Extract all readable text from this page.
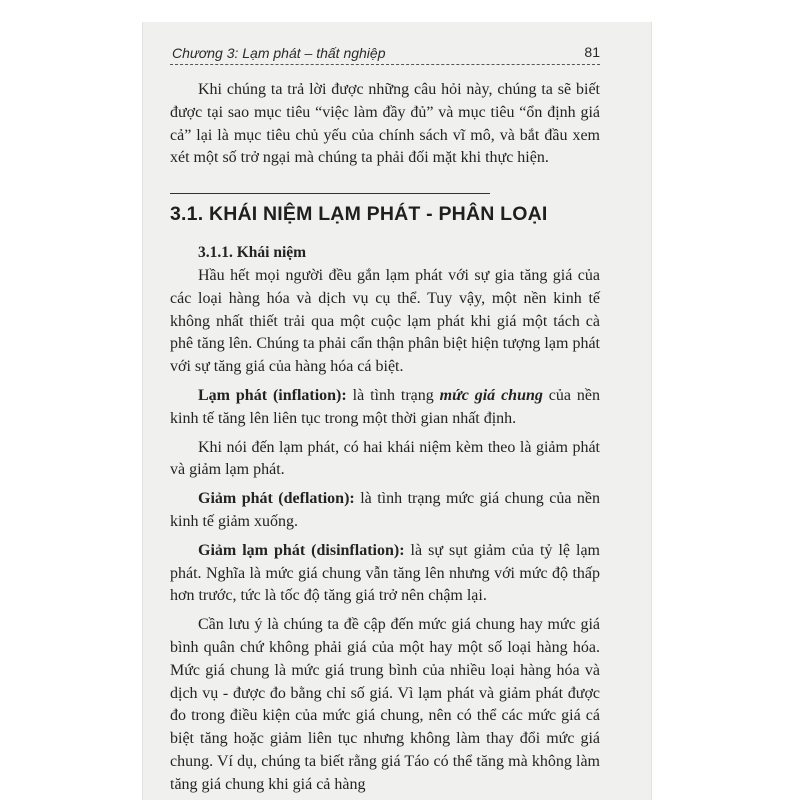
Chương 3: Lạm phát – thất nghiệp	81

Khi chúng ta trả lời được những câu hỏi này, chúng ta sẽ biết được tại sao mục tiêu “việc làm đầy đủ” và mục tiêu “ổn định giá cả” lại là mục tiêu chủ yếu của chính sách vĩ mô, và bắt đầu xem xét một số trở ngại mà chúng ta phải đối mặt khi thực hiện.

3.1. KHÁI NIỆM LẠM PHÁT - PHÂN LOẠI
3.1.1. Khái niệm

Hầu hết mọi người đều gắn lạm phát với sự gia tăng giá của các loại hàng hóa và dịch vụ cụ thể. Tuy vậy, một nền kinh tế không nhất thiết trải qua một cuộc lạm phát khi giá một tách cà phê tăng lên. Chúng ta phải cẩn thận phân biệt hiện tượng lạm phát với sự tăng giá của hàng hóa cá biệt.

Lạm phát (inflation): là tình trạng mức giá chung của nền kinh tế tăng lên liên tục trong một thời gian nhất định.

Khi nói đến lạm phát, có hai khái niệm kèm theo là giảm phát và giảm lạm phát.

Giảm phát (deflation): là tình trạng mức giá chung của nền kinh tế giảm xuống.

Giảm lạm phát (disinflation): là sự sụt giảm của tỷ lệ lạm phát. Nghĩa là mức giá chung vẫn tăng lên nhưng với mức độ thấp hơn trước, tức là tốc độ tăng giá trở nên chậm lại.

Cần lưu ý là chúng ta đề cập đến mức giá chung hay mức giá bình quân chứ không phải giá của một hay một số loại hàng hóa. Mức giá chung là mức giá trung bình của nhiều loại hàng hóa và dịch vụ - được đo bằng chỉ số giá. Vì lạm phát và giảm phát được đo trong điều kiện của mức giá chung, nên có thể các mức giá cá biệt tăng hoặc giảm liên tục nhưng không làm thay đổi mức giá chung. Ví dụ, chúng ta biết rằng giá Táo có thể tăng mà không làm tăng giá chung khi giá cả hàng
